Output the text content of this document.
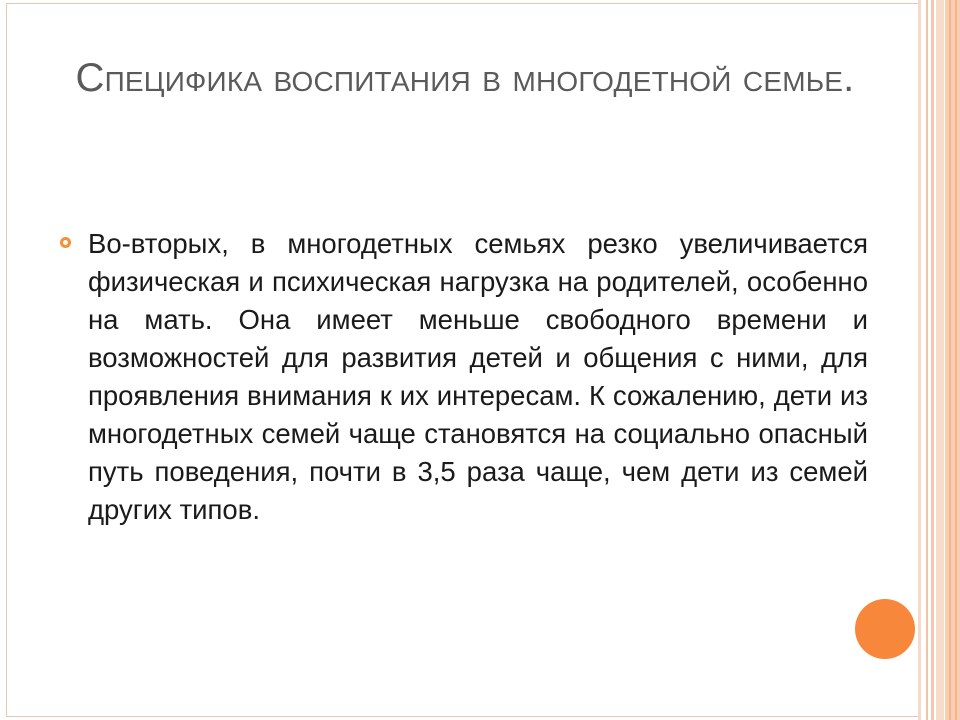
Специфика воспитания в многодетной семье.
Во-вторых, в многодетных семьях резко увеличивается физическая и психическая нагрузка на родителей, особенно на мать. Она имеет меньше свободного времени и возможностей для развития детей и общения с ними, для проявления внимания к их интересам. К сожалению, дети из многодетных семей чаще становятся на социально опасный путь поведения, почти в 3,5 раза чаще, чем дети из семей других типов.
